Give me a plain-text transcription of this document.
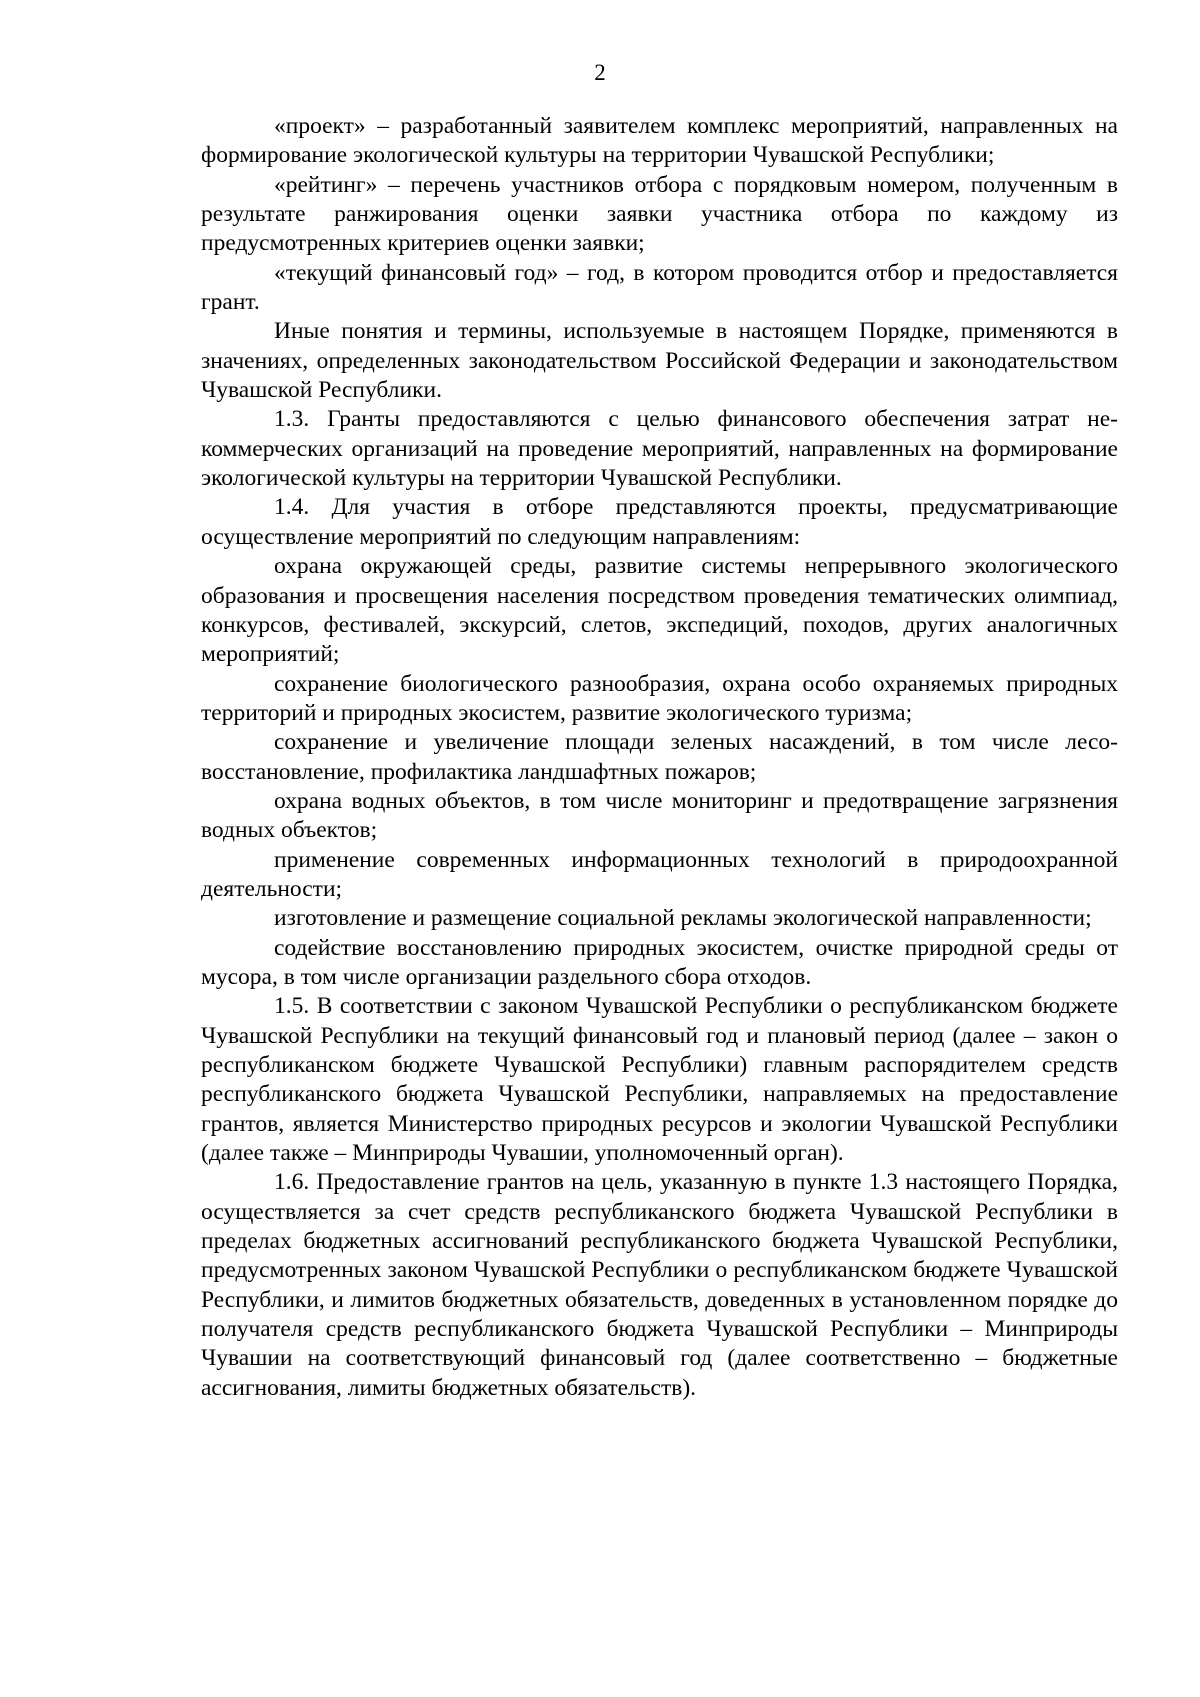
2

«проект» – разработанный заявителем комплекс мероприятий, направленных на формирование экологической культуры на территории Чувашской Республики;

«рейтинг» – перечень участников отбора с порядковым номером, полученным в результате ранжирования оценки заявки участника отбора по каждому из предусмотренных критериев оценки заявки;

«текущий финансовый год» – год, в котором проводится отбор и предоставляется грант.

Иные понятия и термины, используемые в настоящем Порядке, применяются в значениях, определенных законодательством Российской Федерации и законодательством Чувашской Республики.

1.3. Гранты предоставляются с целью финансового обеспечения затрат некоммерческих организаций на проведение мероприятий, направленных на формирование экологической культуры на территории Чувашской Республики.

1.4. Для участия в отборе представляются проекты, предусматривающие осуществление мероприятий по следующим направлениям:

охрана окружающей среды, развитие системы непрерывного экологического образования и просвещения населения посредством проведения тематических олимпиад, конкурсов, фестивалей, экскурсий, слетов, экспедиций, походов, других аналогичных мероприятий;

сохранение биологического разнообразия, охрана особо охраняемых природных территорий и природных экосистем, развитие экологического туризма;

сохранение и увеличение площади зеленых насаждений, в том числе лесовосстановление, профилактика ландшафтных пожаров;

охрана водных объектов, в том числе мониторинг и предотвращение загрязнения водных объектов;

применение современных информационных технологий в природоохранной деятельности;

изготовление и размещение социальной рекламы экологической направленности;

содействие восстановлению природных экосистем, очистке природной среды от мусора, в том числе организации раздельного сбора отходов.

1.5. В соответствии с законом Чувашской Республики о республиканском бюджете Чувашской Республики на текущий финансовый год и плановый период (далее – закон о республиканском бюджете Чувашской Республики) главным распорядителем средств республиканского бюджета Чувашской Республики, направляемых на предоставление грантов, является Министерство природных ресурсов и экологии Чувашской Республики (далее также – Минприроды Чувашии, уполномоченный орган).

1.6. Предоставление грантов на цель, указанную в пункте 1.3 настоящего Порядка, осуществляется за счет средств республиканского бюджета Чувашской Республики в пределах бюджетных ассигнований республиканского бюджета Чувашской Республики, предусмотренных законом Чувашской Республики о республиканском бюджете Чувашской Республики, и лимитов бюджетных обязательств, доведенных в установленном порядке до получателя средств республиканского бюджета Чувашской Республики – Минприроды Чувашии на соответствующий финансовый год (далее соответственно – бюджетные ассигнования, лимиты бюджетных обязательств).
